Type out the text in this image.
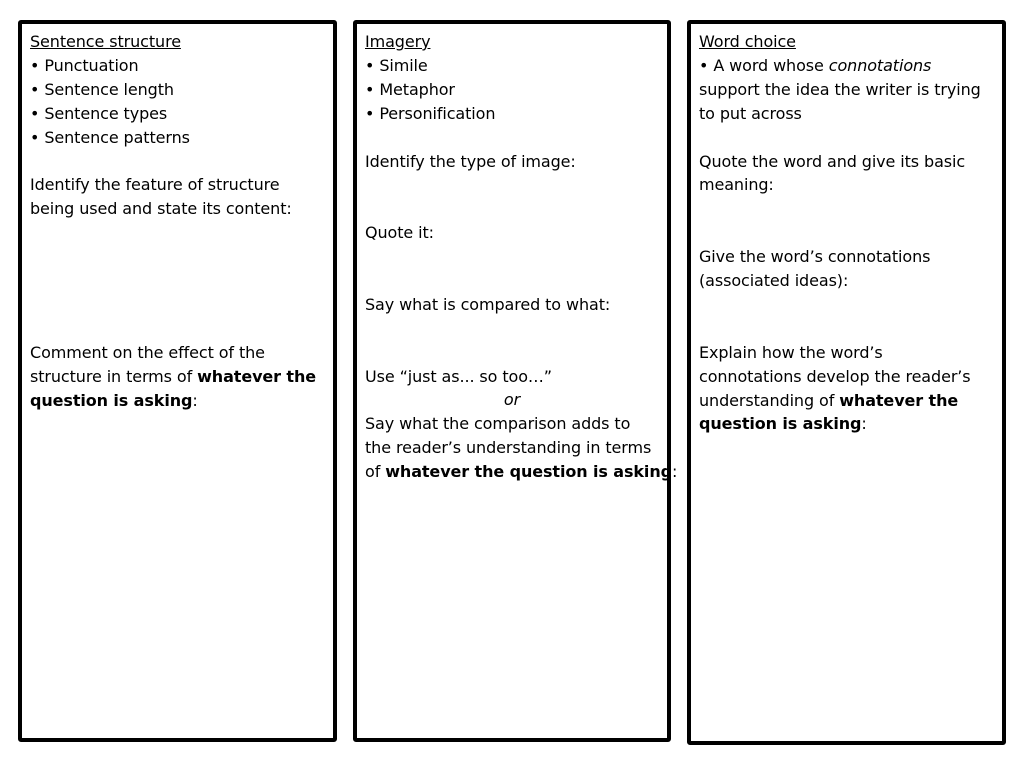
Sentence structure
• Punctuation
• Sentence length
• Sentence types
• Sentence patterns
Identify the feature of structure
being used and state its content:
Comment on the effect of the
structure in terms of whatever the
question is asking:
Imagery
• Simile
• Metaphor
• Personification
Identify the type of image:
Quote it:
Say what is compared to what:
Use “just as... so too…”
or
Say what the comparison adds to
the reader’s understanding in terms
of whatever the question is asking:
Word choice
• A word whose connotations
support the idea the writer is trying
to put across
Quote the word and give its basic
meaning:
Give the word’s connotations
(associated ideas):
Explain how the word’s
connotations develop the reader’s
understanding of whatever the
question is asking:
